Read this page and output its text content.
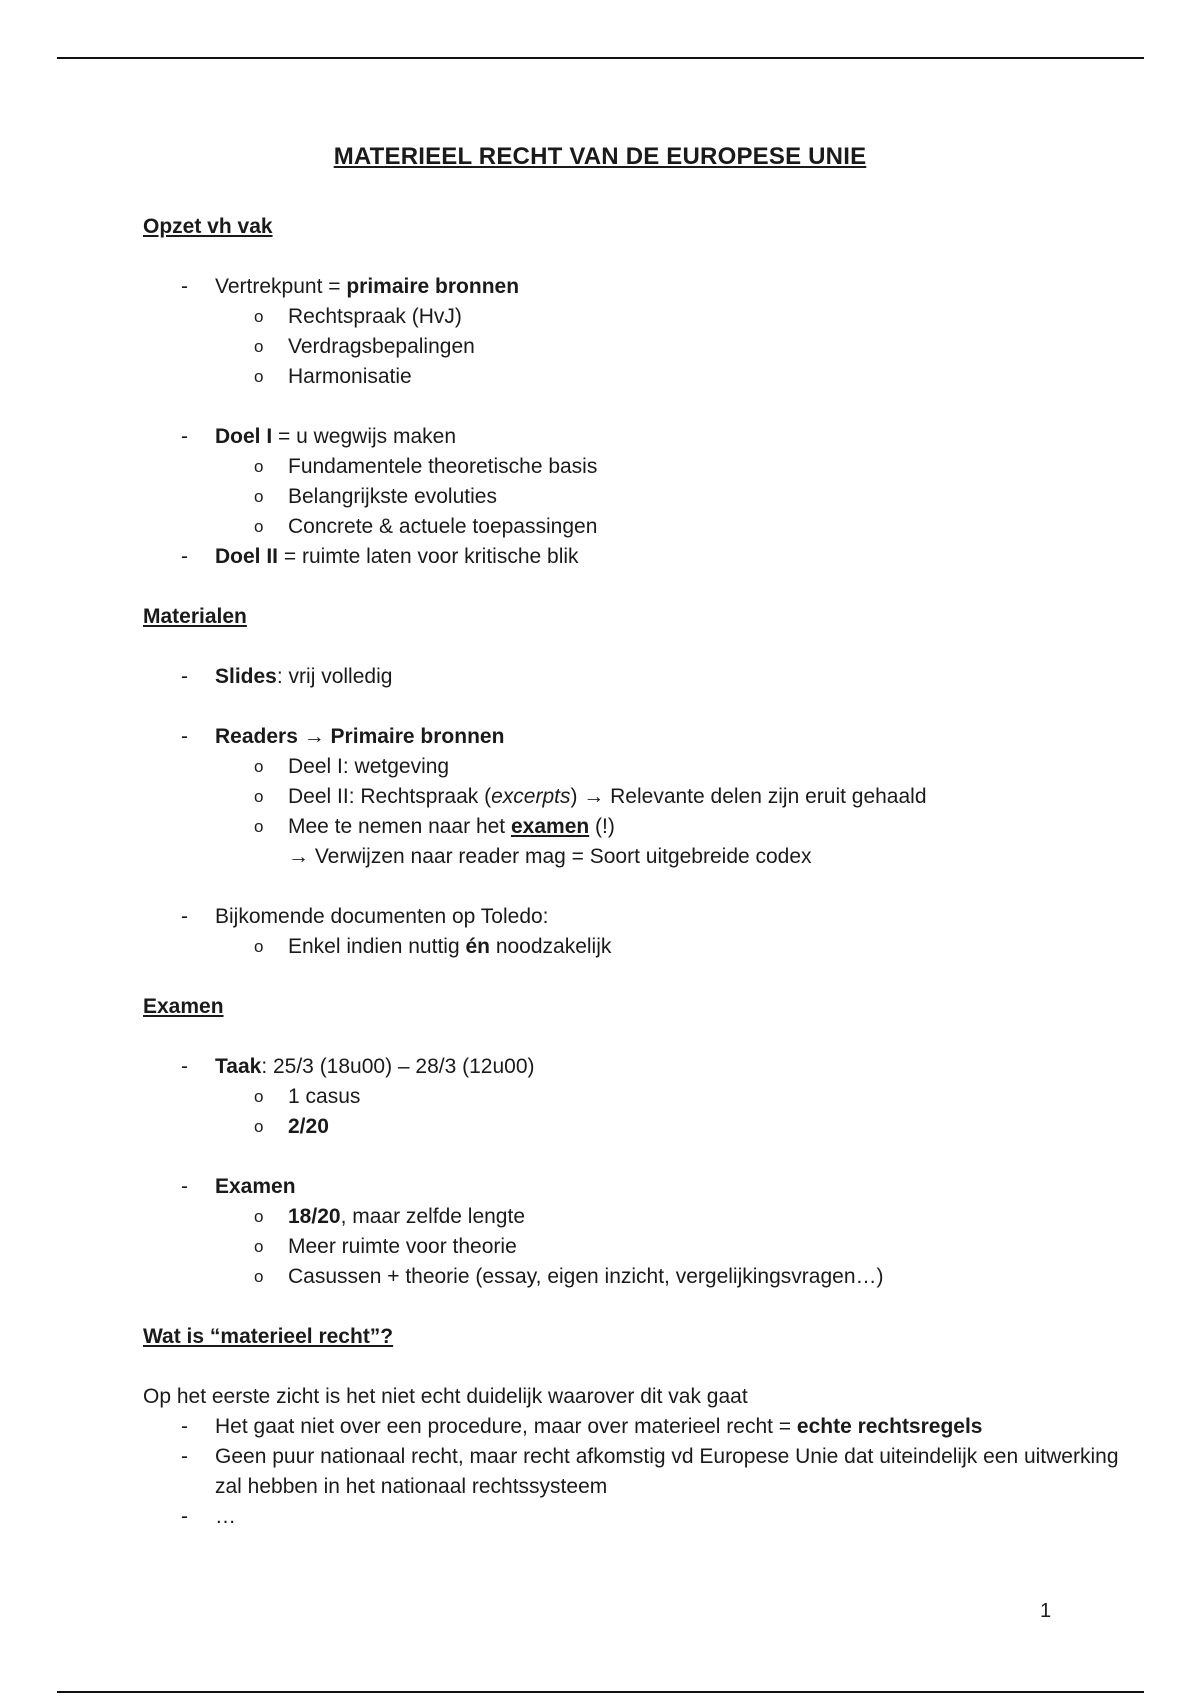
MATERIEEL RECHT VAN DE EUROPESE UNIE
Opzet vh vak
- Vertrekpunt = primaire bronnen
o Rechtspraak (HvJ)
o Verdragsbepalingen
o Harmonisatie
- Doel I = u wegwijs maken
o Fundamentele theoretische basis
o Belangrijkste evoluties
o Concrete & actuele toepassingen
- Doel II = ruimte laten voor kritische blik
Materialen
- Slides: vrij volledig
- Readers → Primaire bronnen
o Deel I: wetgeving
o Deel II: Rechtspraak (excerpts) → Relevante delen zijn eruit gehaald
o Mee te nemen naar het examen (!)
→ Verwijzen naar reader mag = Soort uitgebreide codex
- Bijkomende documenten op Toledo:
o Enkel indien nuttig én noodzakelijk
Examen
- Taak: 25/3 (18u00) – 28/3 (12u00)
o 1 casus
o 2/20
- Examen
o 18/20, maar zelfde lengte
o Meer ruimte voor theorie
o Casussen + theorie (essay, eigen inzicht, vergelijkingsvragen…)
Wat is “materieel recht”?

Op het eerste zicht is het niet echt duidelijk waarover dit vak gaat

- Het gaat niet over een procedure, maar over materieel recht = echte rechtsregels
- Geen puur nationaal recht, maar recht afkomstig vd Europese Unie dat uiteindelijk een uitwerking zal hebben in het nationaal rechtssysteem
- …
1
